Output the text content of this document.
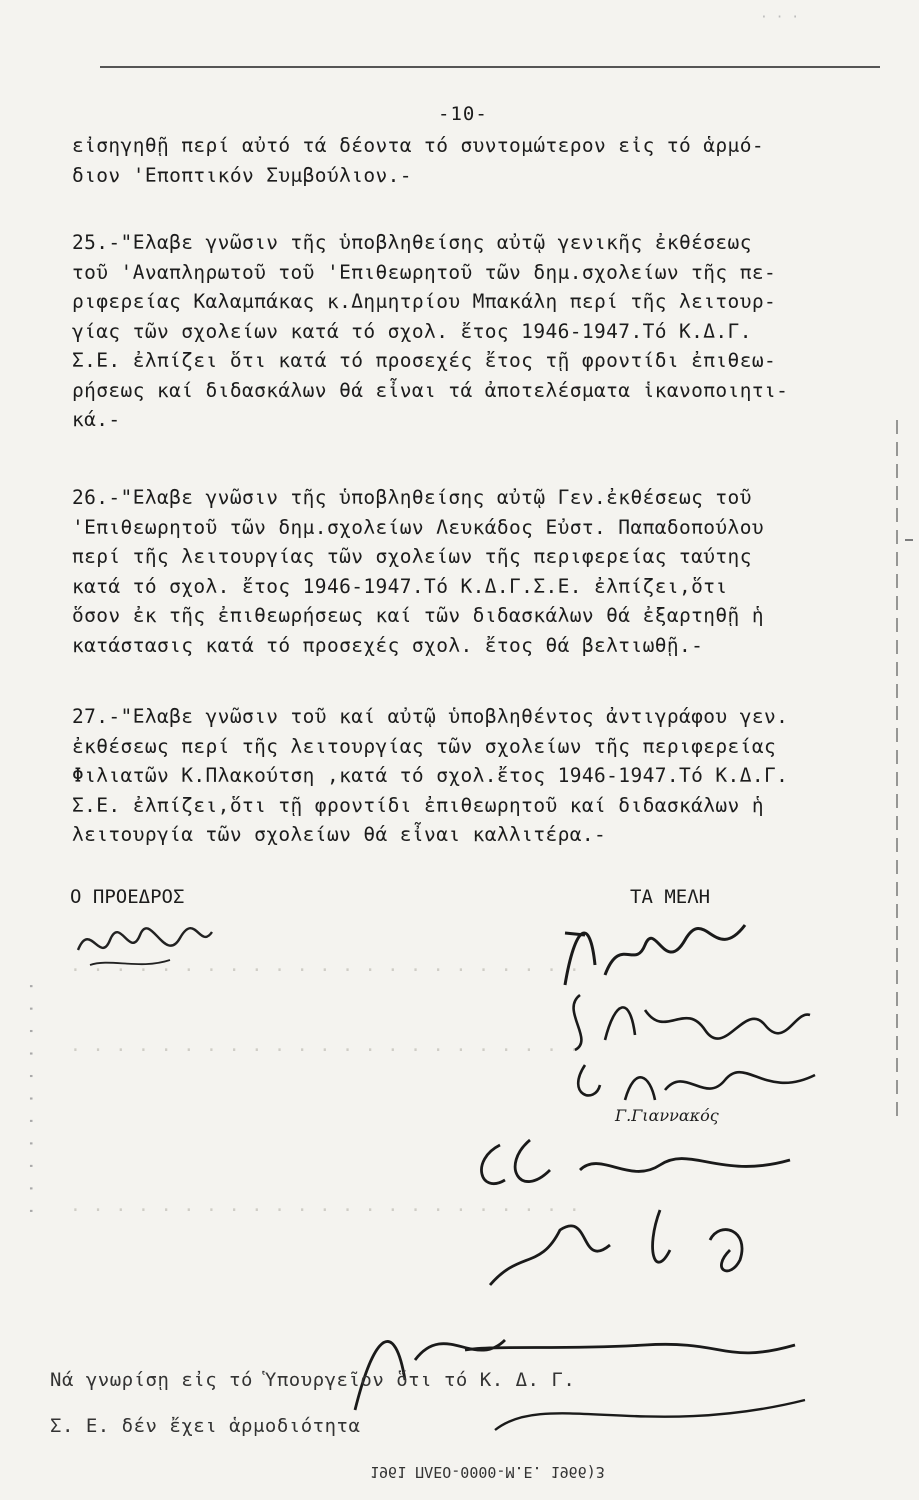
· · ·
-10-
εἰσηγηθῇ περί αὐτό τά δέοντα τό συντομώτερον εἰς τό ἁρμό-
διον 'Εποπτικόν Συμβούλιον.-
25.-"Ελαβε γνῶσιν τῆς ὑποβληθείσης αὐτῷ γενικῆς ἐκθέσεως
τοῦ 'Αναπληρωτοῦ τοῦ 'Επιθεωρητοῦ τῶν δημ.σχολείων τῆς πε-
ριφερείας Καλαμπάκας κ.Δημητρίου Μπακάλη περί τῆς λειτουρ-
γίας τῶν σχολείων κατά τό σχολ. ἔτος 1946-1947.Τό Κ.Δ.Γ.
Σ.Ε. ἐλπίζει ὅτι κατά τό προσεχές ἔτος τῇ φροντίδι ἐπιθεω-
ρήσεως καί διδασκάλων θά εἶναι τά ἀποτελέσματα ἱκανοποιητι-
κά.-
26.-"Ελαβε γνῶσιν τῆς ὑποβληθείσης αὐτῷ Γεν.ἐκθέσεως τοῦ
'Επιθεωρητοῦ τῶν δημ.σχολείων Λευκάδος Εὐστ. Παπαδοπούλου
περί τῆς λειτουργίας τῶν σχολείων τῆς περιφερείας ταύτης
κατά τό σχολ. ἔτος 1946-1947.Τό Κ.Δ.Γ.Σ.Ε. ἐλπίζει,ὅτι
ὅσον ἐκ τῆς ἐπιθεωρήσεως καί τῶν διδασκάλων θά ἐξαρτηθῇ ἡ
κατάστασις κατά τό προσεχές σχολ. ἔτος θά βελτιωθῇ.-
27.-"Ελαβε γνῶσιν τοῦ καί αὐτῷ ὑποβληθέντος ἀντιγράφου γεν.
ἐκθέσεως περί τῆς λειτουργίας τῶν σχολείων τῆς περιφερείας
Φιλιατῶν Κ.Πλακούτση ,κατά τό σχολ.ἔτος 1946-1947.Τό Κ.Δ.Γ.
Σ.Ε. ἐλπίζει,ὅτι τῇ φροντίδι ἐπιθεωρητοῦ καί διδασκάλων ἡ
λειτουργία τῶν σχολείων θά εἶναι καλλιτέρα.-
· · · · · · · · · · · · · · · · · · · · · · ·
· · · · · · · · · · · · · · · · · · · · · · ·
· · · · · · · · · · · · · · · · · · · · · · ·
Ο ΠΡΟΕΔΡΟΣ	ΤΑ ΜΕΛΗ
Γ.Γιαννακός
Νά γνωρίσῃ εἰς τό Ὑπουργεῖον ὅτι τό Κ. Δ. Γ.
Σ. Ε. δέν ἔχει ἁρμοδιότητα
· · · · · · · · · · ·
1961 ΠΛΕΟ-0000-M.E. 1966)3
